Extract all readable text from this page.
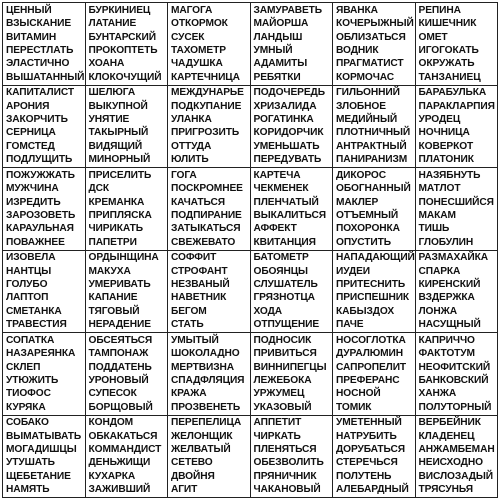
ЦЕННЫЙ
ВЗЫСКАНИЕ
ВИТАМИН
ПЕРЕСТЛАТЬ
ЭЛАСТИЧНО
ВЫШАТАННЫЙ
БУРКИНИЕЦ
ЛАТАНИЕ
БУНТАРСКИЙ
ПРОКОПТЕТЬ
ХОАНА
КЛОКОЧУЩИЙ
МАГОГА
ОТКОРМОК
СУСЕК
ТАХОМЕТР
ЧАДУШКА
КАРТЕЧНИЦА
ЗАМУРАВЕТЬ
МАЙОРША
ЛАНДЫШ
УМНЫЙ
АДАМИТЫ
РЕБЯТКИ
ЯВАНКА
КОЧЕРЫЖНЫЙ
ОБЛИЗАТЬСЯ
ВОДНИК
ПРАГМАТИСТ
КОРМОЧАС
РЕПИНА
КИШЕЧНИК
ОМЕТ
ИГОГОКАТЬ
ОКРУЖАТЬ
ТАНЗАНИЕЦ
КАПИТАЛИСТ
АРОНИЯ
ЗАКОРЧИТЬ
СЕРНИЦА
ГОМСТЕД
ПОДЛУЩИТЬ
ШЕЛЮГА
ВЫКУПНОЙ
УНЯТИЕ
ТАКЫРНЫЙ
ВИДЯЩИЙ
МИНОРНЫЙ
МЕЖДУНАРЬЕ
ПОДКУПАНИЕ
УЛАНКА
ПРИГРОЗИТЬ
ОТТУДА
ЮЛИТЬ
ПОДОЧЕРЕДЬ
ХРИЗАЛИДА
РОГАТИНКА
КОРИДОРЧИК
УМЕНЬШАТЬ
ПЕРЕДУВАТЬ
ГИЛЬОННИЙ
ЗЛОБНОЕ
МЕДИЙНЫЙ
ПЛОТНИЧНЫЙ
АНТРАКТНЫЙ
ПАНИРАНИЗМ
БАРАБУЛЬКА
ПАРАКЛАРПИЯ
УРОДЕЦ
НОЧНИЦА
КОВЕРКОТ
ПЛАТОНИК
ПОЖУЖЖАТЬ
МУЖЧИНА
ИЗРЕДИТЬ
ЗАРОЗОВЕТЬ
КАРАУЛЬНАЯ
ПОВАЖНЕЕ
ПРИСЕЛИТЬ
ДСК
КРЕМАНКА
ПРИПЛЯСКА
ЧИРИКАТЬ
ПАПЕТРИ
ГОГА
ПОСКРОМНЕЕ
КАЧАТЬСЯ
ПОДПИРАНИЕ
ЗАТЫКАТЬСЯ
СВЕЖЕВАТО
КАРТЕЧА
ЧЕКМЕНЕК
ПЛЕНЧАТЫЙ
ВЫКАЛИТЬСЯ
АФФЕКТ
КВИТАНЦИЯ
ДИКОРОС
ОБОГНАННЫЙ
МАКЛЕР
ОТЪЕМНЫЙ
ПОХОРОНКА
ОПУСТИТЬ
НАЗЯБНУТЬ
МАТЛОТ
ПОНЕСШИЙСЯ
МАКАМ
ТИШЬ
ГЛОБУЛИН
ИЗОВЕЛА
НАНТЦЫ
ГОЛУБО
ЛАПТОП
СМЕТАНКА
ТРАВЕСТИЯ
ОРДЫНЩИНА
МАКУХА
УМЕРИВАТЬ
КАПАНИЕ
ТЯГОВЫЙ
НЕРАДЕНИЕ
СОФФИТ
СТРОФАНТ
НЕЗВАНЫЙ
НАВЕТНИК
БЕГОМ
СТАТЬ
БАТОМЕТР
ОБОЯНЦЫ
СЛУШАТЕЛЬ
ГРЯЗНОТЦА
ХОДА
ОТПУЩЕНИЕ
НАПАДАЮЩИЙ
ИУДЕИ
ПРИТЕСНИТЬ
ПРИСПЕШНИК
КАБЫЗДОХ
ПАЧЕ
РАЗМАХАЙКА
СПАРКА
КИРЕНСКИЙ
ВЗДЕРЖКА
ЛОНЖА
НАСУЩНЫЙ
СОПАТКА
НАЗАРЕЯНКА
СКЛЕП
УТЮЖИТЬ
ТИОФОС
КУРЯКА
ОБСЕЯТЬСЯ
ТАМПОНАЖ
ПОДДАТЕНЬ
УРОНОВЫЙ
СУПЕСОК
БОРЩОВЫЙ
УМЫТЫЙ
ШОКОЛАДНО
МЕРТВИЗНА
СПАДФЛЯЦИЯ
КРАЖА
ПРОЗВЕНЕТЬ
ПОДНОСИК
ПРИВИТЬСЯ
ВИННИПЕГЦЫ
ЛЕЖЕБОКА
УРЖУМЕЦ
УКАЗОВЫЙ
НОСОГЛОТКА
ДУРАЛЮМИН
САПРОПЕЛИТ
ПРЕФЕРАНС
НОСНОЙ
ТОМИК
КАПРИЧЧО
ФАКТОТУМ
НЕОФИТСКИЙ
БАНКОВСКИЙ
ХАНЖА
ПОЛУТОРНЫЙ
СОБАКО
ВЫМАТЫВАТЬ
МОГАДИШЦЫ
УТУШАТЬ
ЩЕБЕТАНИЕ
НАМЯТЬ
КОНДОМ
ОБКАКАТЬСЯ
КОММАНДИСТ
ДЕНЬЖИЩИ
КУХАРКА
ЗАЖИВШИЙ
ПЕРЕПЕЛИЦА
ЖЕЛОНЩИК
ЖЕЛВАТЫЙ
СЕТЕВО
ДВОЙНЯ
АГИТ
АППЕТИТ
ЧИРКАТЬ
ПЛЕНЯТЬСЯ
ОБЕЗВОЛИТЬ
ПРЯНИЧНИК
ЧАКАНОВЫЙ
УМЕТЕННЫЙ
НАТРУБИТЬ
ДОРУБАТЬСЯ
СТЕРЕЧЬСЯ
ПОЛУТЕНЬ
АЛЕБАРДНЫЙ
ВЕРБЕЙНИК
КЛАДЕНЕЦ
АНЖАМБЕМАН
НЕИСХОДНО
ВИСЛОЗАДЫЙ
ТРЯСУНЬЯ
